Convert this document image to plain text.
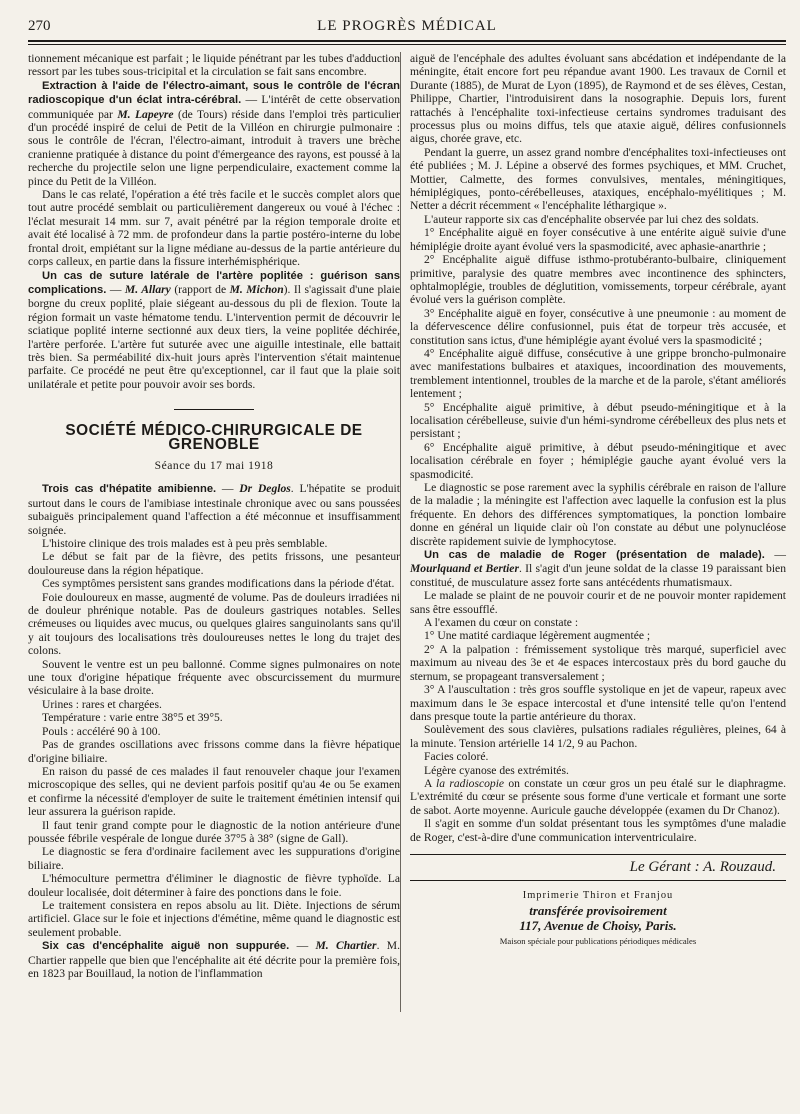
270	LE PROGRÈS MÉDICAL

tionnement mécanique est parfait ; le liquide pénétrant par les tubes d'adduction ressort par les tubes sous-tricipital et la circulation se fait sans encombre.

Extraction à l'aide de l'électro-aimant, sous le contrôle de l'écran radioscopique d'un éclat intra-cérébral. — L'intérêt de cette observation communiquée par M. Lapeyre (de Tours) réside dans l'emploi très particulier d'un procédé inspiré de celui de Petit de la Villéon en chirurgie pulmonaire : sous le contrôle de l'écran, l'électro-aimant, introduit à travers une brèche cranienne pratiquée à distance du point d'émergeance des rayons, est poussé à la recherche du projectile selon une ligne perpendiculaire, exactement comme la pince du Petit de la Villéon.

Dans le cas relaté, l'opération a été très facile et le succès complet alors que tout autre procédé semblait ou particulièrement dangereux ou voué à l'échec : l'éclat mesurait 14 mm. sur 7, avait pénétré par la région temporale droite et avait été localisé à 72 mm. de profondeur dans la partie postéro-interne du lobe frontal droit, empiétant sur la ligne médiane au-dessus de la partie antérieure du corps calleux, en partie dans la fissure interhémisphérique.

Un cas de suture latérale de l'artère poplitée : guérison sans complications. — M. Allary (rapport de M. Michon). Il s'agissait d'une plaie borgne du creux poplité, plaie siégeant au-dessous du pli de flexion. Toute la région formait un vaste hématome tendu. L'intervention permit de découvrir le sciatique poplité interne sectionné aux deux tiers, la veine poplitée déchirée, l'artère perforée. L'artère fut suturée avec une aiguille intestinale, elle battait très bien. Sa perméabilité dix-huit jours après l'intervention s'était maintenue parfaite. Ce procédé ne peut être qu'exceptionnel, car il faut que la plaie soit unilatérale et petite pour pouvoir avoir ses bords.

SOCIÉTÉ MÉDICO-CHIRURGICALE DE GRENOBLE
Séance du 17 mai 1918

Trois cas d'hépatite amibienne. — Dr Deglos. L'hépatite se produit surtout dans le cours de l'amibiase intestinale chronique avec ou sans poussées subaiguës principalement quand l'affection a été méconnue et insuffisamment soignée.

L'histoire clinique des trois malades est à peu près semblable.

Le début se fait par de la fièvre, des petits frissons, une pesanteur douloureuse dans la région hépatique.

Ces symptômes persistent sans grandes modifications dans la période d'état.

Foie douloureux en masse, augmenté de volume. Pas de douleurs irradiées ni de douleur phrénique notable. Pas de douleurs gastriques notables. Selles crémeuses ou liquides avec mucus, ou quelques glaires sanguinolants sans qu'il y ait toujours des localisations très douloureuses nettes le long du trajet des colons.

Souvent le ventre est un peu ballonné. Comme signes pulmonaires on note une toux d'origine hépatique fréquente avec obscurcissement du murmure vésiculaire à la base droite.

Urines : rares et chargées.

Température : varie entre 38°5 et 39°5.

Pouls : accéléré 90 à 100.

Pas de grandes oscillations avec frissons comme dans la fièvre hépatique d'origine biliaire.

En raison du passé de ces malades il faut renouveler chaque jour l'examen microscopique des selles, qui ne devient parfois positif qu'au 4e ou 5e examen et confirme la nécessité d'employer de suite le traitement émétinien intensif qui leur assurera la guérison rapide.

Il faut tenir grand compte pour le diagnostic de la notion antérieure d'une poussée fébrile vespérale de longue durée 37°5 à 38° (signe de Gall).

Le diagnostic se fera d'ordinaire facilement avec les suppurations d'origine biliaire.

L'hémoculture permettra d'éliminer le diagnostic de fièvre typhoïde. La douleur localisée, doit déterminer à faire des ponctions dans le foie.

Le traitement consistera en repos absolu au lit. Diète. Injections de sérum artificiel. Glace sur le foie et injections d'émétine, même quand le diagnostic est seulement probable.

Six cas d'encéphalite aiguë non suppurée. — M. Chartier. M. Chartier rappelle que bien que l'encéphalite ait été décrite pour la première fois, en 1823 par Bouillaud, la notion de l'inflammation

aiguë de l'encéphale des adultes évoluant sans abcédation et indépendante de la méningite, était encore fort peu répandue avant 1900. Les travaux de Cornil et Durante (1885), de Murat de Lyon (1895), de Raymond et de ses élèves, Cestan, Philippe, Chartier, l'introduisirent dans la nosographie. Depuis lors, furent rattachés à l'encéphalite toxi-infectieuse certains syndromes traduisant des processus plus ou moins diffus, tels que ataxie aiguë, délires confusionnels aigus, chorée grave, etc.

Pendant la guerre, un assez grand nombre d'encéphalites toxi-infectieuses ont été publiées ; M. J. Lépine a observé des formes psychiques, et MM. Cruchet, Mottier, Calmette, des formes convulsives, mentales, méningitiques, hémiplégiques, ponto-cérébelleuses, ataxiques, encéphalo-myélitiques ; M. Netter a décrit récemment « l'encéphalite léthargique ».

L'auteur rapporte six cas d'encéphalite observée par lui chez des soldats.

1° Encéphalite aiguë en foyer consécutive à une entérite aiguë suivie d'une hémiplégie droite ayant évolué vers la spasmodicité, avec aphasie-anarthrie ;

2° Encéphalite aiguë diffuse isthmo-protubéranto-bulbaire, cliniquement primitive, paralysie des quatre membres avec incontinence des sphincters, ophtalmoplégie, troubles de déglutition, vomissements, torpeur cérébrale, ayant évolué vers la guérison complète.

3° Encéphalite aiguë en foyer, consécutive à une pneumonie : au moment de la défervescence délire confusionnel, puis état de torpeur très accusée, et constitution sans ictus, d'une hémiplégie ayant évolué vers la spasmodicité ;

4° Encéphalite aiguë diffuse, consécutive à une grippe broncho-pulmonaire avec manifestations bulbaires et ataxiques, incoordination des mouvements, tremblement intentionnel, troubles de la marche et de la parole, s'étant améliorés lentement ;

5° Encéphalite aiguë primitive, à début pseudo-méningitique et à la localisation cérébelleuse, suivie d'un hémi-syndrome cérébelleux des plus nets et persistant ;

6° Encéphalite aiguë primitive, à début pseudo-méningitique et avec localisation cérébrale en foyer ; hémiplégie gauche ayant évolué vers la spasmodicité.

Le diagnostic se pose rarement avec la syphilis cérébrale en raison de l'allure de la maladie ; la méningite est l'affection avec laquelle la confusion est la plus fréquente. En dehors des différences symptomatiques, la ponction lombaire donne en général un liquide clair où l'on constate au début une polynucléose discrète rapidement suivie de lymphocytose.

Un cas de maladie de Roger (présentation de malade). — Mourlquand et Bertier. Il s'agit d'un jeune soldat de la classe 19 paraissant bien constitué, de musculature assez forte sans antécédents rhumatismaux.

Le malade se plaint de ne pouvoir courir et de ne pouvoir monter rapidement sans être essoufflé.

A l'examen du cœur on constate :

1° Une matité cardiaque légèrement augmentée ;

2° A la palpation : frémissement systolique très marqué, superficiel avec maximum au niveau des 3e et 4e espaces intercostaux près du bord gauche du sternum, se propageant transversalement ;

3° A l'auscultation : très gros souffle systolique en jet de vapeur, rapeux avec maximum dans le 3e espace intercostal et d'une intensité telle qu'on l'entend dans presque toute la partie antérieure du thorax.

Soulèvement des sous clavières, pulsations radiales régulières, pleines, 64 à la minute. Tension artérielle 14 1/2, 9 au Pachon.

Facies coloré.

Légère cyanose des extrémités.

A la radioscopie on constate un cœur gros un peu étalé sur le diaphragme. L'extrémité du cœur se présente sous forme d'une verticale et formant une sorte de sabot. Aorte moyenne. Auricule gauche développée (examen du Dr Chanoz).

Il s'agit en somme d'un soldat présentant tous les symptômes d'une maladie de Roger, c'est-à-dire d'une communication interventriculaire.

Le Gérant : A. Rouzaud.
Imprimerie Thiron et Franjou
transférée provisoirement
117, Avenue de Choisy, Paris.
Maison spéciale pour publications périodiques médicales
